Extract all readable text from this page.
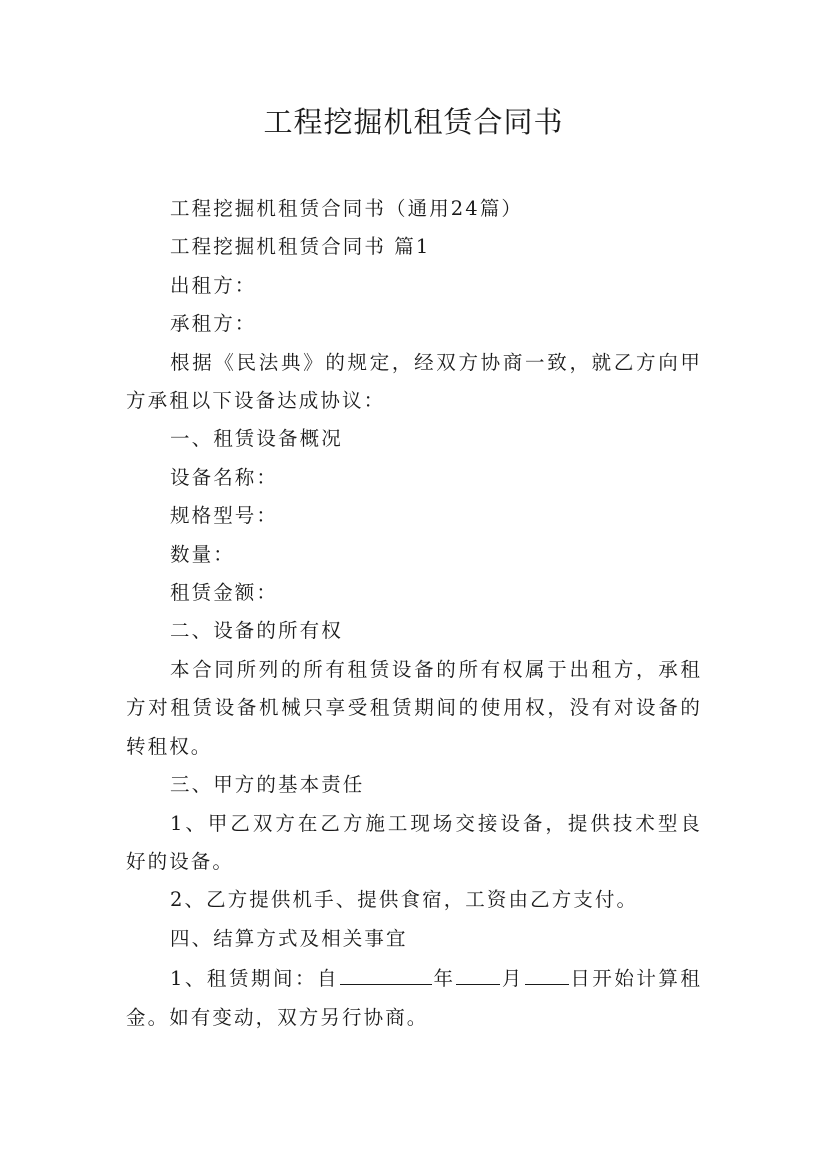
工程挖掘机租赁合同书

工程挖掘机租赁合同书（通用24篇）

工程挖掘机租赁合同书 篇1

出租方：

承租方：

根据《民法典》的规定，经双方协商一致，就乙方向甲方承租以下设备达成协议：

一、租赁设备概况

设备名称：

规格型号：

数量：

租赁金额：

二、设备的所有权

本合同所列的所有租赁设备的所有权属于出租方，承租方对租赁设备机械只享受租赁期间的使用权，没有对设备的转租权。

三、甲方的基本责任

1、甲乙双方在乙方施工现场交接设备，提供技术型良好的设备。

2、乙方提供机手、提供食宿，工资由乙方支付。

四、结算方式及相关事宜

1、租赁期间：自	年 月 日开始计算租金。如有变动，双方另行协商。
